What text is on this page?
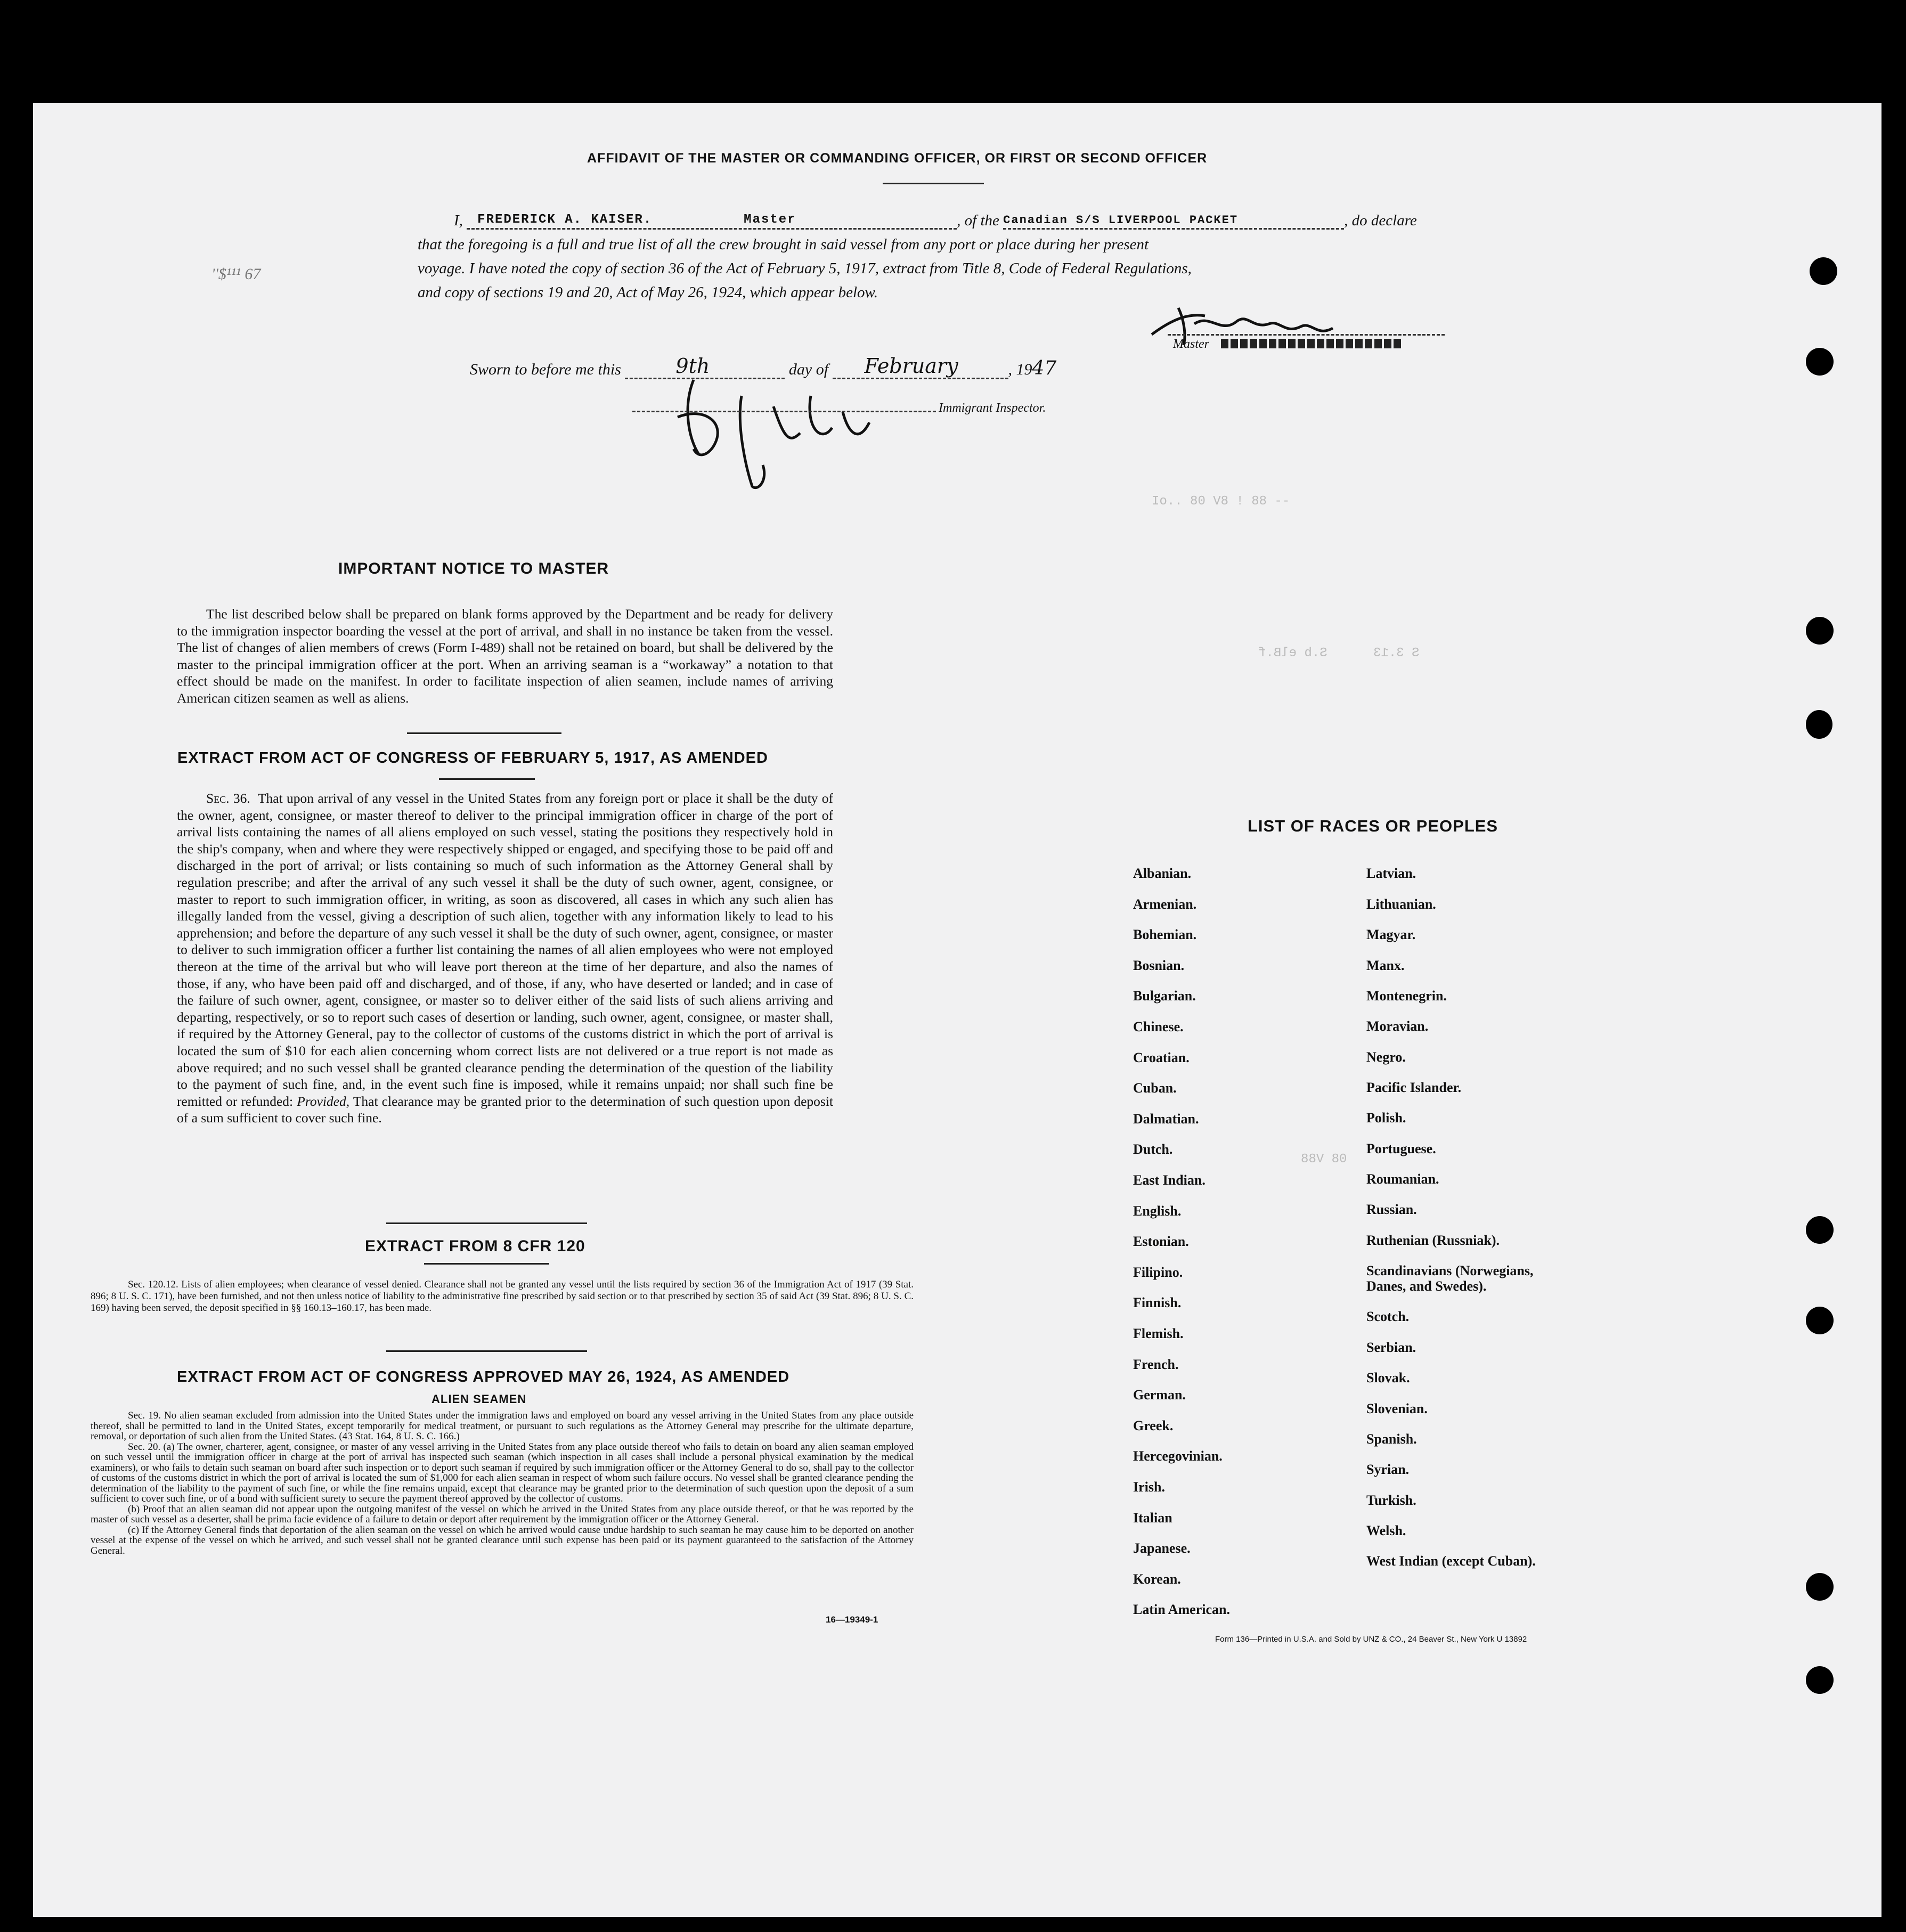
AFFIDAVIT OF THE MASTER OR COMMANDING OFFICER, OR FIRST OR SECOND OFFICER
I, FREDERICK A. KAISER.	Master	, of the Canadian S/S LIVERPOOL PACKET	, do declare
that the foregoing is a full and true list of all the crew brought in said vessel from any port or place during her present
voyage. I have noted the copy of section 36 of the Act of February 5, 1917, extract from Title 8, Code of Federal Regulations,
and copy of sections 19 and 20, Act of May 26, 1924, which appear below.
''$¹¹¹ 67
Master
Sworn to before me this	9th	day of February	, 1947
Immigrant Inspector.
IMPORTANT NOTICE TO MASTER
The list described below shall be prepared on blank forms approved by the Department and be ready for delivery to the immigration inspector boarding the vessel at the port of arrival, and shall in no instance be taken from the vessel. The list of changes of alien members of crews (Form I-489) shall not be retained on board, but shall be delivered by the master to the principal immigration officer at the port. When an arriving seaman is a “workaway” a notation to that effect should be made on the manifest. In order to facilitate inspection of alien seamen, include names of arriving American citizen seamen as well as aliens.
EXTRACT FROM ACT OF CONGRESS OF FEBRUARY 5, 1917, AS AMENDED
Sec. 36. That upon arrival of any vessel in the United States from any foreign port or place it shall be the duty of the owner, agent, consignee, or master thereof to deliver to the principal immigration officer in charge of the port of arrival lists containing the names of all aliens employed on such vessel, stating the positions they respectively hold in the ship's company, when and where they were respectively shipped or engaged, and specifying those to be paid off and discharged in the port of arrival; or lists containing so much of such information as the Attorney General shall by regulation prescribe; and after the arrival of any such vessel it shall be the duty of such owner, agent, consignee, or master to report to such immigration officer, in writing, as soon as discovered, all cases in which any such alien has illegally landed from the vessel, giving a description of such alien, together with any information likely to lead to his apprehension; and before the departure of any such vessel it shall be the duty of such owner, agent, consignee, or master to deliver to such immigration officer a further list containing the names of all alien employees who were not employed thereon at the time of the arrival but who will leave port thereon at the time of her departure, and also the names of those, if any, who have been paid off and discharged, and of those, if any, who have deserted or landed; and in case of the failure of such owner, agent, consignee, or master so to deliver either of the said lists of such aliens arriving and departing, respectively, or so to report such cases of desertion or landing, such owner, agent, consignee, or master shall, if required by the Attorney General, pay to the collector of customs of the customs district in which the port of arrival is located the sum of $10 for each alien concerning whom correct lists are not delivered or a true report is not made as above required; and no such vessel shall be granted clearance pending the determination of the question of the liability to the payment of such fine, and, in the event such fine is imposed, while it remains unpaid; nor shall such fine be remitted or refunded: Provided, That clearance may be granted prior to the determination of such question upon deposit of a sum sufficient to cover such fine.
EXTRACT FROM 8 CFR 120
Sec. 120.12. Lists of alien employees; when clearance of vessel denied. Clearance shall not be granted any vessel until the lists required by section 36 of the Immigration Act of 1917 (39 Stat. 896; 8 U. S. C. 171), have been furnished, and not then unless notice of liability to the administrative fine prescribed by said section or to that prescribed by section 35 of said Act (39 Stat. 896; 8 U. S. C. 169) having been served, the deposit specified in §§ 160.13–160.17, has been made.
EXTRACT FROM ACT OF CONGRESS APPROVED MAY 26, 1924, AS AMENDED
ALIEN SEAMEN
Sec. 19. No alien seaman excluded from admission into the United States under the immigration laws and employed on board any vessel arriving in the United States from any place outside thereof, shall be permitted to land in the United States, except temporarily for medical treatment, or pursuant to such regulations as the Attorney General may prescribe for the ultimate departure, removal, or deportation of such alien from the United States. (43 Stat. 164, 8 U. S. C. 166.)
Sec. 20. (a) The owner, charterer, agent, consignee, or master of any vessel arriving in the United States from any place outside thereof who fails to detain on board any alien seaman employed on such vessel until the immigration officer in charge at the port of arrival has inspected such seaman (which inspection in all cases shall include a personal physical examination by the medical examiners), or who fails to detain such seaman on board after such inspection or to deport such seaman if required by such immigration officer or the Attorney General to do so, shall pay to the collector of customs of the customs district in which the port of arrival is located the sum of $1,000 for each alien seaman in respect of whom such failure occurs. No vessel shall be granted clearance pending the determination of the liability to the payment of such fine, or while the fine remains unpaid, except that clearance may be granted prior to the determination of such question upon the deposit of a sum sufficient to cover such fine, or of a bond with sufficient surety to secure the payment thereof approved by the collector of customs.
(b) Proof that an alien seaman did not appear upon the outgoing manifest of the vessel on which he arrived in the United States from any place outside thereof, or that he was reported by the master of such vessel as a deserter, shall be prima facie evidence of a failure to detain or deport after requirement by the immigration officer or the Attorney General.
(c) If the Attorney General finds that deportation of the alien seaman on the vessel on which he arrived would cause undue hardship to such seaman he may cause him to be deported on another vessel at the expense of the vessel on which he arrived, and such vessel shall not be granted clearance until such expense has been paid or its payment guaranteed to the satisfaction of the Attorney General.
16—19349-1
LIST OF RACES OR PEOPLES
Albanian.
Armenian.
Bohemian.
Bosnian.
Bulgarian.
Chinese.
Croatian.
Cuban.
Dalmatian.
Dutch.
East Indian.
English.
Estonian.
Filipino.
Finnish.
Flemish.
French.
German.
Greek.
Hercegovinian.
Irish.
Italian
Japanese.
Korean.
Latin American.
Latvian.
Lithuanian.
Magyar.
Manx.
Montenegrin.
Moravian.
Negro.
Pacific Islander.
Polish.
Portuguese.
Roumanian.
Russian.
Ruthenian (Russniak).
Scandinavians (Norwegians,
Danes, and Swedes).
Scotch.
Serbian.
Slovak.
Slovenian.
Spanish.
Syrian.
Turkish.
Welsh.
West Indian (except Cuban).
Form 136—Printed in U.S.A. and Sold by UNZ & CO., 24 Beaver St., New York U 13892
-- 88 ! 8V 08 ..oI
S 3.13      S.b elB.f
08 V88
